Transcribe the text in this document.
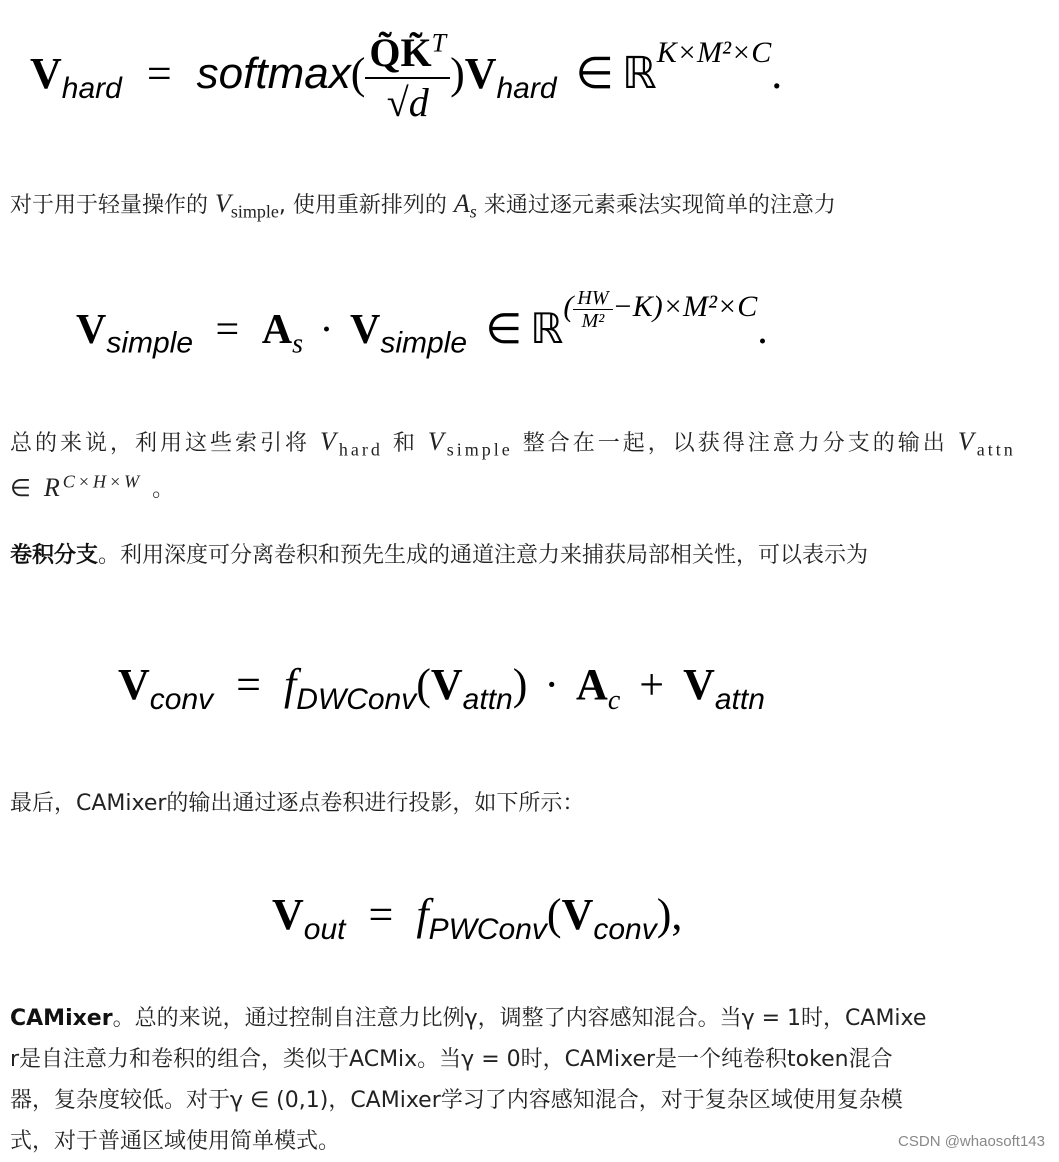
$V_{hard}$ = softmax( $\frac{Q̃K̃^T}{√d} )V_{hard}$ ∈ ℝ$^{K\times M^2\times C}$.
对于用于轻量操作的 $V_{simple}$, 使用重新排列的 $A_s$ 来通过逐元素乘法实现简单的注意力
$V_{simple} = A_s \cdot V_{simple}$ ∈ ℝ$^{( \frac{HW}{\text{M²}} -K)\times M^2\times C}$.
总的来说，利用这些索引将 $V_{hard}$ 和 $V_{simple}$ 整合在一起，以获得注意力分支的输出 $V_{attn}$ ∈ $R^{C\times H\times W}$ 。
卷积分支。利用深度可分离卷积和预先生成的通道注意力来捕获局部相关性，可以表示为
$V_{conv} = f_{DWConv}(V_{attn}) \cdot A_c + V_{attn}$
最后，CAMixer的输出通过逐点卷积进行投影，如下所示：
$V_{out} = f_{PWConv}(V_{conv})$,
CAMixer。总的来说，通过控制自注意力比例γ，调整了内容感知混合。当γ = 1时，CAMixe
r是自注意力和卷积的组合，类似于ACMix。当γ = 0时，CAMixer是一个纯卷积token混合
器，复杂度较低。对于γ ∈ (0,1)，CAMixer学习了内容感知混合，对于复杂区域使用复杂模
式，对于普通区域使用简单模式。	CSDN @whaosoft143
